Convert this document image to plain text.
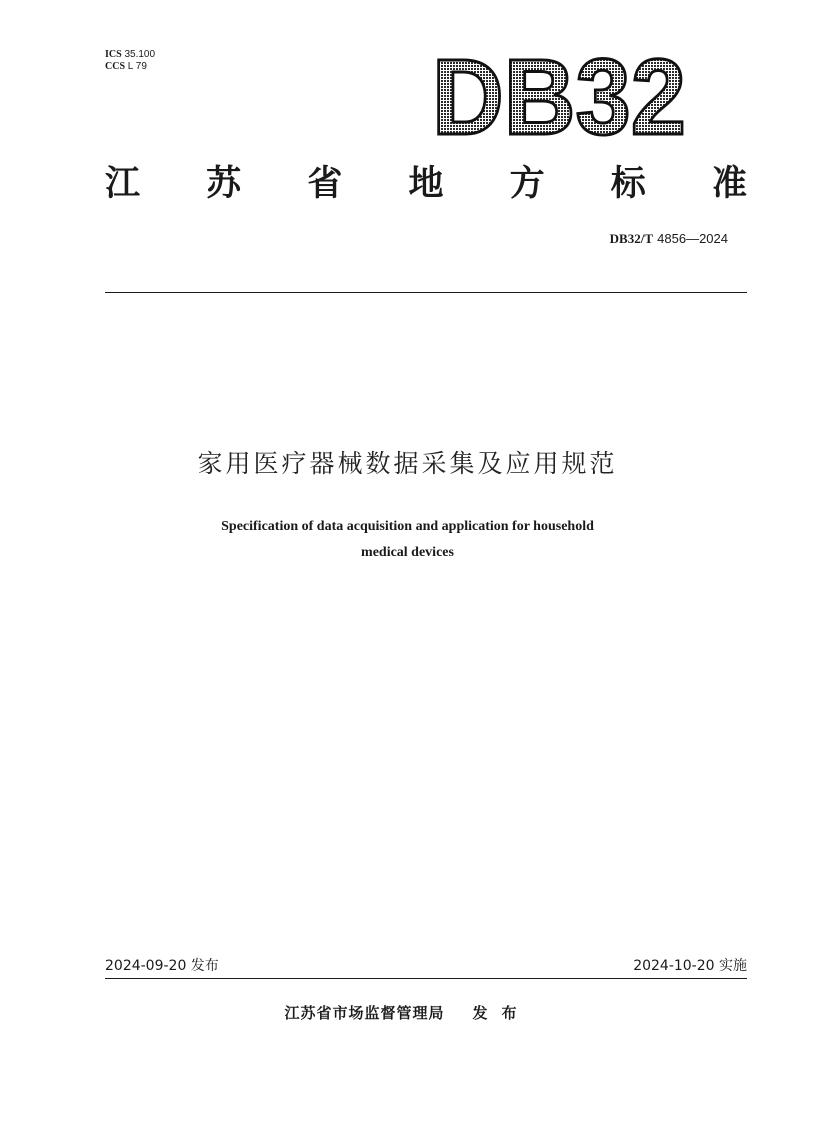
ICS 35.100
CCS L 79	DB32
江 苏 省 地 方 标 准
DB32/T 4856—2024
家用医疗器械数据采集及应用规范
Specification of data acquisition and application for household
medical devices
2024-09-20 发布	2024-10-20 实施
江苏省市场监督管理局 发布
